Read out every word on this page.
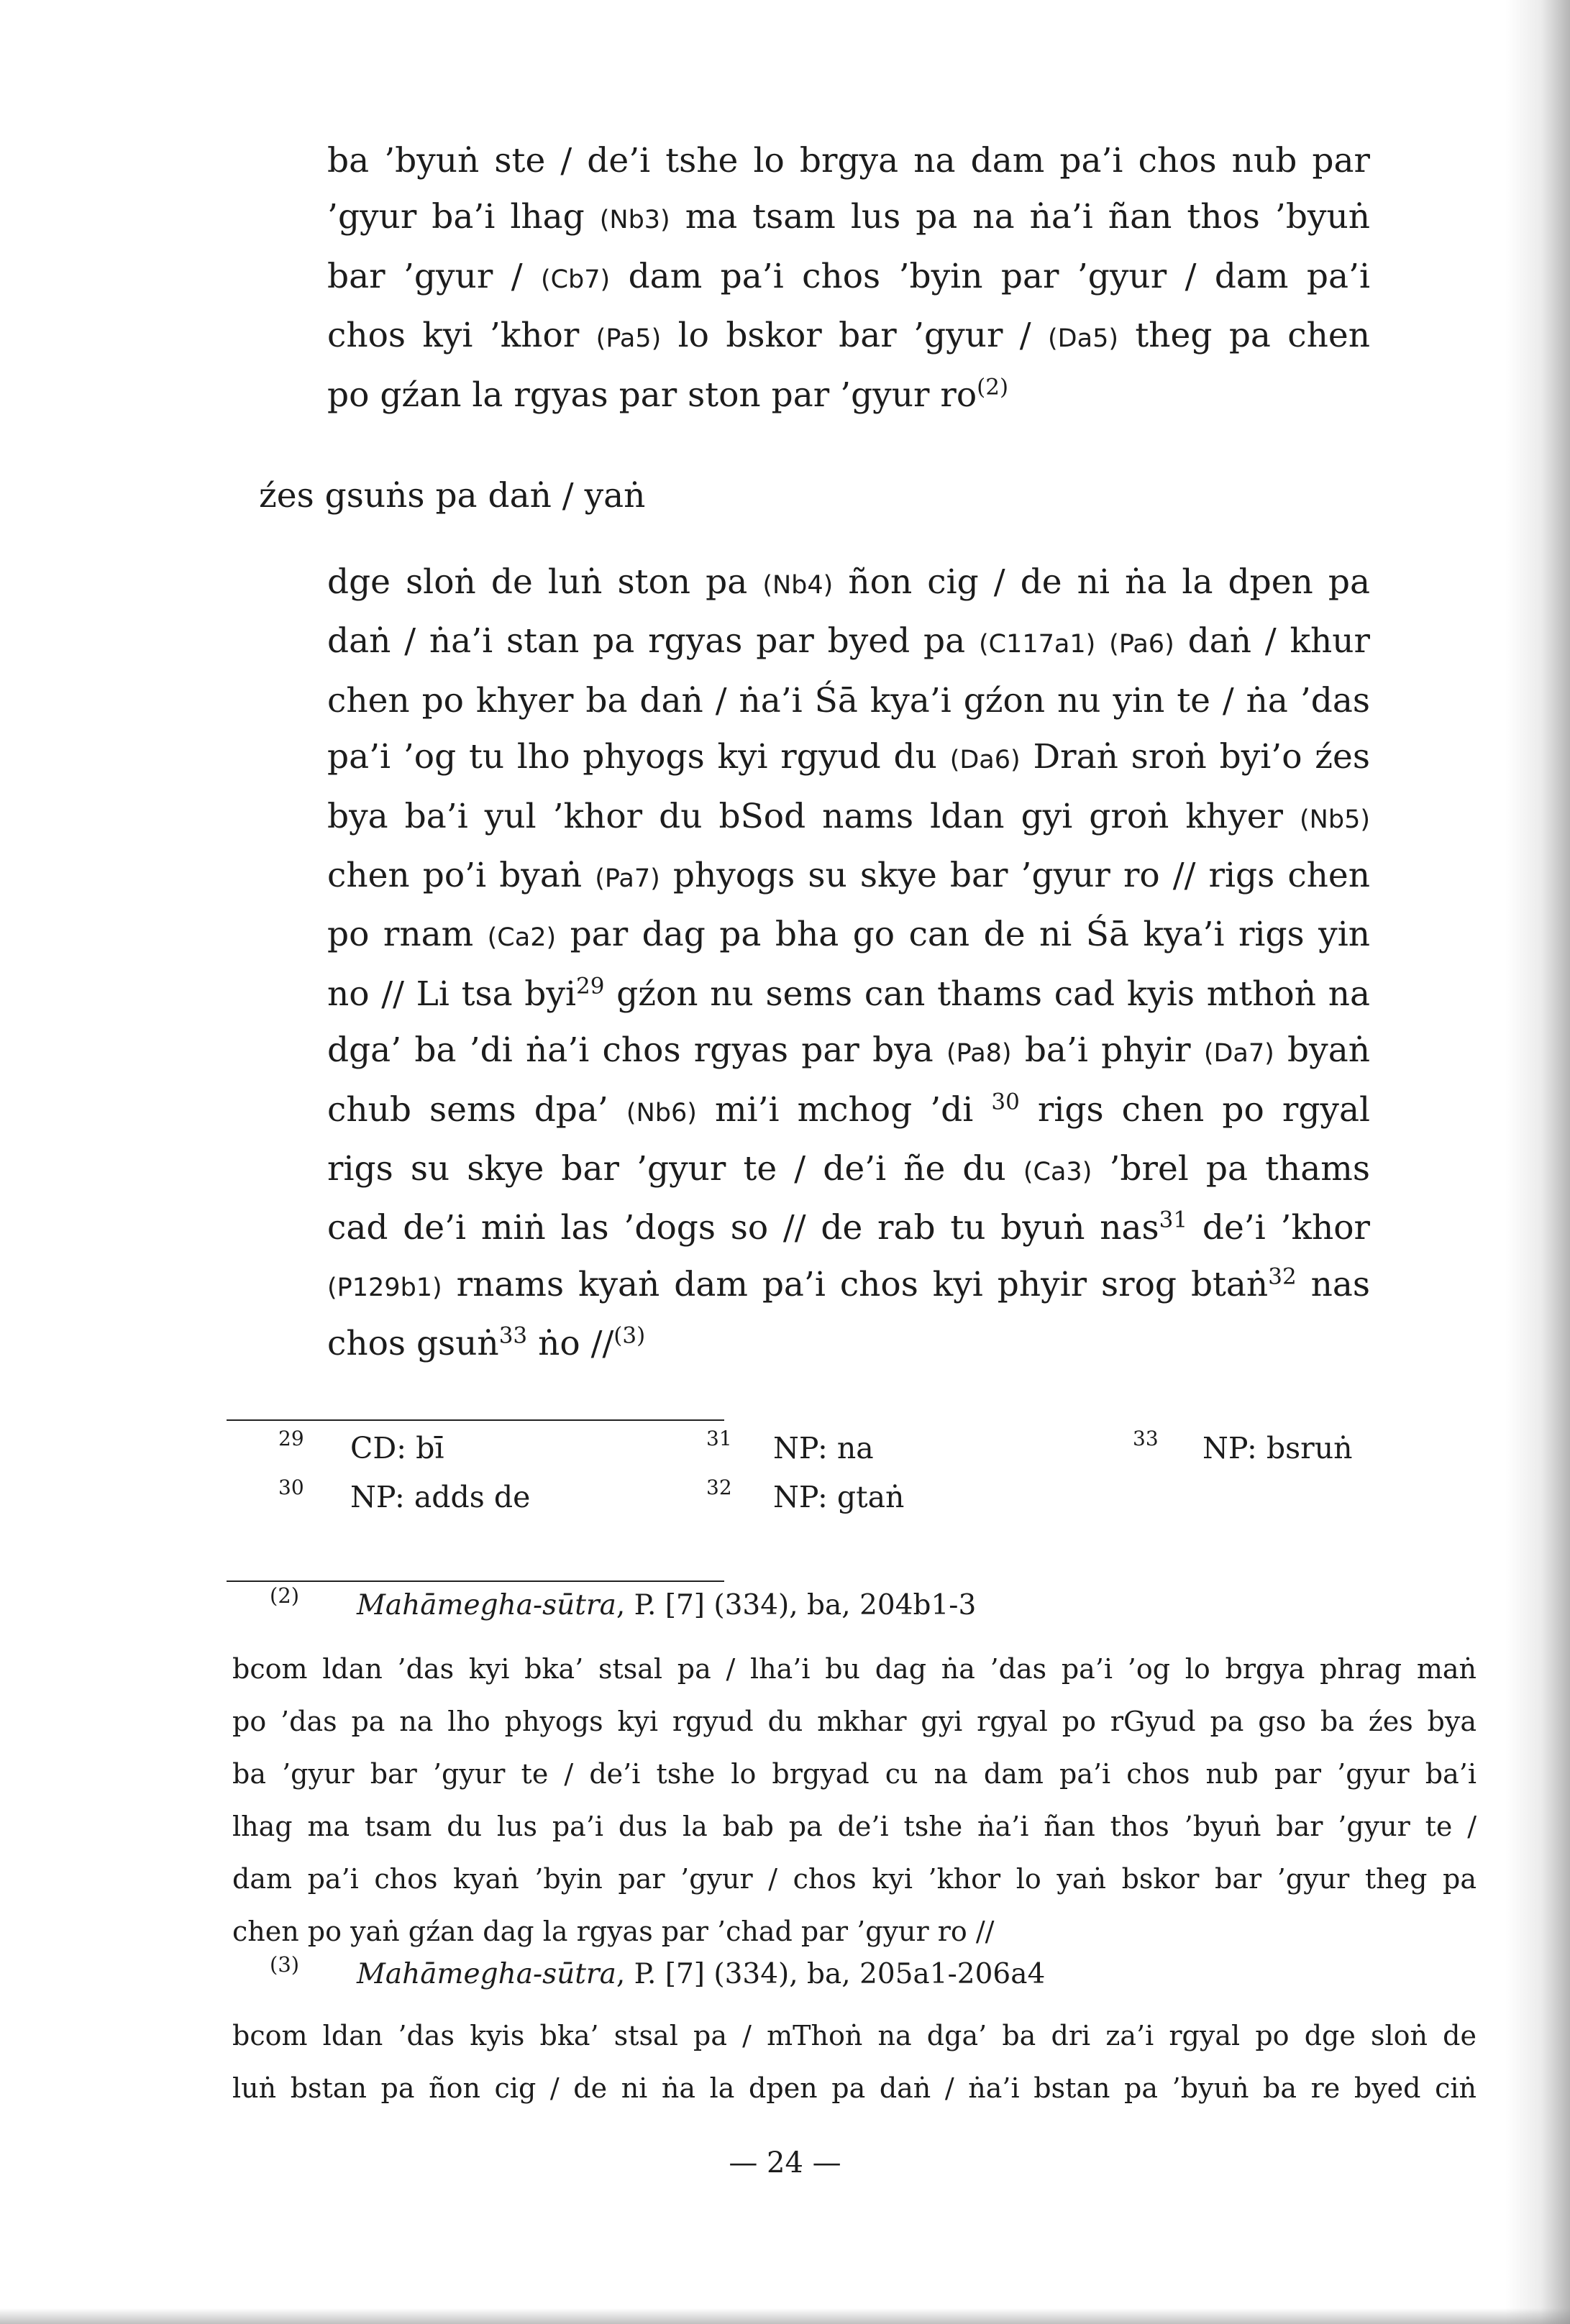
ba ’byuṅ ste / de’i tshe lo brgya na dam pa’i chos nub par
’gyur ba’i lhag (Nb3) ma tsam lus pa na ṅa’i ñan thos ’byuṅ
bar ’gyur / (Cb7) dam pa’i chos ’byin par ’gyur / dam pa’i
chos kyi ’khor (Pa5) lo bskor bar ’gyur / (Da5) theg pa chen
po gźan la rgyas par ston par ’gyur $ro^{(2)}$
źes gsuṅs pa daṅ / yaṅ
dge sloṅ de luṅ ston pa (Nb4) ñon cig / de ni ṅa la dpen pa
daṅ / ṅa’i stan pa rgyas par byed pa (C117a1) (Pa6) daṅ / khur
chen po khyer ba daṅ / ṅa’i Śā kya’i gźon nu yin te / ṅa ’das
pa’i ’og tu lho phyogs kyi rgyud du (Da6) Draṅ sroṅ byi’o źes
bya ba’i yul ’khor du bSod nams ldan gyi groṅ khyer (Nb5)
chen po’i byaṅ (Pa7) phyogs su skye bar ’gyur ro // rigs chen
po rnam (Ca2) par dag pa bha go can de ni Śā kya’i rigs yin
no // Li tsa byi$^{29}$ gźon nu sems can thams cad kyis mthoṅ na
dga’ ba ’di ṅa’i chos rgyas par bya (Pa8) ba’i phyir (Da7) byaṅ
chub sems dpa’ (Nb6) mi’i mchog ’di $^{30}$ rigs chen po rgyal
rigs su skye bar ’gyur te / de’i ñe du (Ca3) ’brel pa thams
cad de’i miṅ las ’dogs so // de rab tu byuṅ nas$^{31}$ de’i ’khor
(P129b1) rnams kyaṅ dam pa’i chos kyi phyir srog btaṅ$^{32}$ nas
chos gsuṅ$^{33}$ ṅo //$^{(3)}$
29 CD: bī
30 NP: adds de
31 NP: na
32 NP: gtaṅ
33 NP: bsruṅ
(2) Mahāmegha-sūtra, P. [7] (334), ba, 204b1-3
bcom ldan ’das kyi bka’ stsal pa / lha’i bu dag ṅa ’das pa’i ’og lo brgya phrag maṅ
po ’das pa na lho phyogs kyi rgyud du mkhar gyi rgyal po rGyud pa gso ba źes bya
ba ’gyur bar ’gyur te / de’i tshe lo brgyad cu na dam pa’i chos nub par ’gyur ba’i
lhag ma tsam du lus pa’i dus la bab pa de’i tshe ṅa’i ñan thos ’byuṅ bar ’gyur te /
dam pa’i chos kyaṅ ’byin par ’gyur / chos kyi ’khor lo yaṅ bskor bar ’gyur theg pa
chen po yaṅ gźan dag la rgyas par ’chad par ’gyur ro //
(3) Mahāmegha-sūtra, P. [7] (334), ba, 205a1-206a4
bcom ldan ’das kyis bka’ stsal pa / mThoṅ na dga’ ba dri za’i rgyal po dge sloṅ de
luṅ bstan pa ñon cig / de ni ṅa la dpen pa daṅ / ṅa’i bstan pa ’byuṅ ba re byed ciṅ
— 24 —
